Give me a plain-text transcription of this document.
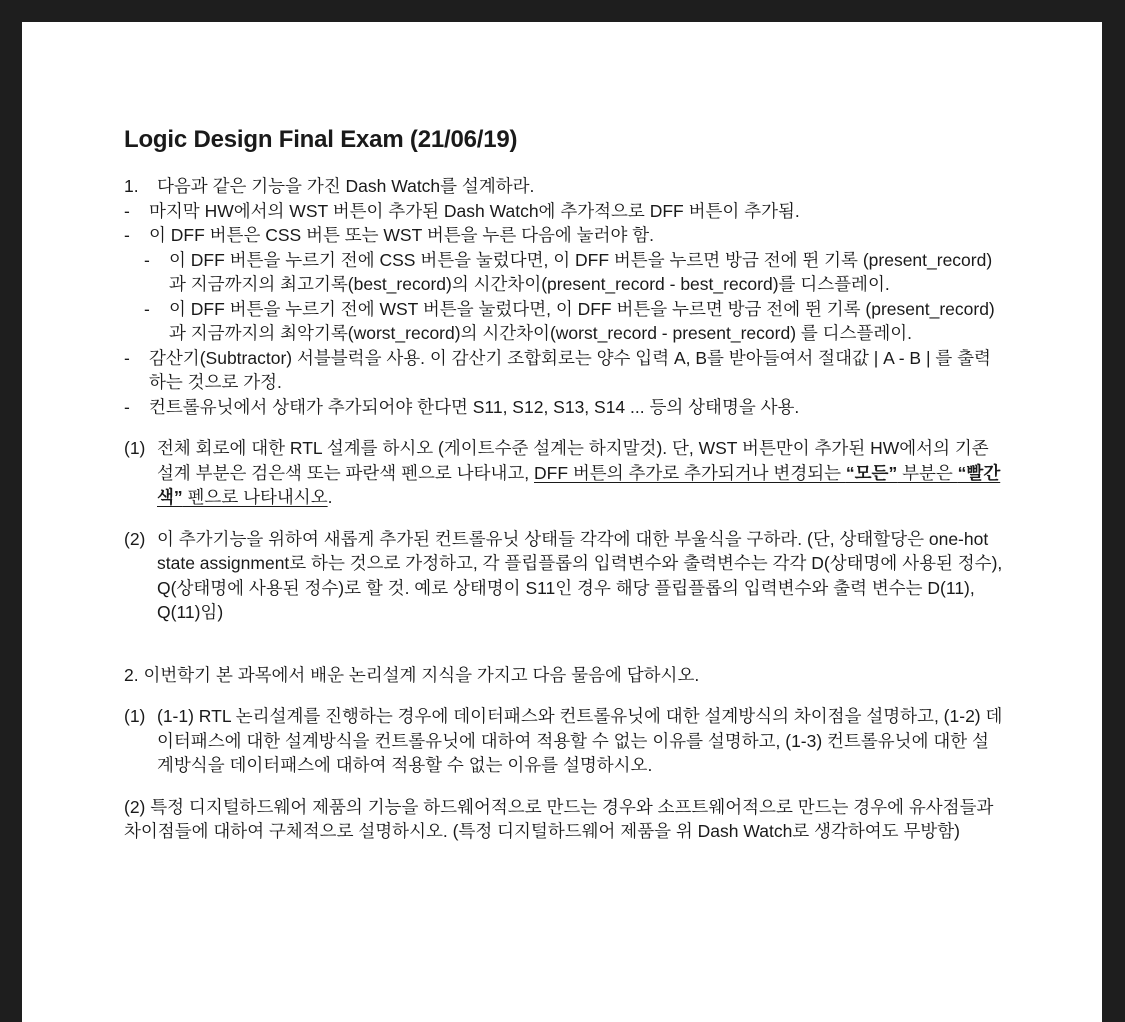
Logic Design Final Exam (21/06/19)
1.	다음과 같은 기능을 가진 Dash Watch를 설계하라.
-	마지막 HW에서의 WST 버튼이 추가된 Dash Watch에 추가적으로 DFF 버튼이 추가됨.
-	이 DFF 버튼은 CSS 버튼 또는 WST 버튼을 누른 다음에 눌러야 함.
-	이 DFF 버튼을 누르기 전에 CSS 버튼을 눌렀다면, 이 DFF 버튼을 누르면 방금 전에 뛴 기록 (present_record)과 지금까지의 최고기록(best_record)의 시간차이(present_record - best_record)를 디스플레이.
-	이 DFF 버튼을 누르기 전에 WST 버튼을 눌렀다면, 이 DFF 버튼을 누르면 방금 전에 뛴 기록 (present_record)과 지금까지의 최악기록(worst_record)의 시간차이(worst_record - present_record) 를 디스플레이.
-	감산기(Subtractor) 서블블럭을 사용. 이 감산기 조합회로는 양수 입력 A, B를 받아들여서 절대값 | A - B | 를 출력하는 것으로 가정.
-	컨트롤유닛에서 상태가 추가되어야 한다면 S11, S12, S13, S14 ... 등의 상태명을 사용.
(1) 전체 회로에 대한 RTL 설계를 하시오 (게이트수준 설계는 하지말것). 단, WST 버튼만이 추가된 HW에서의 기존설계 부분은 검은색 또는 파란색 펜으로 나타내고, DFF 버튼의 추가로 추가되거나 변경되는 “모든” 부분은 “빨간색” 펜으로 나타내시오.
(2) 이 추가기능을 위하여 새롭게 추가된 컨트롤유닛 상태들 각각에 대한 부울식을 구하라. (단, 상태할당은 one-hot state assignment로 하는 것으로 가정하고, 각 플립플롭의 입력변수와 출력변수는 각각 D(상태명에 사용된 정수), Q(상태명에 사용된 정수)로 할 것. 예로 상태명이 S11인 경우 해당 플립플롭의 입력변수와 출력 변수는 D(11), Q(11)임)
2. 이번학기 본 과목에서 배운 논리설계 지식을 가지고 다음 물음에 답하시오.
(1) (1-1) RTL 논리설계를 진행하는 경우에 데이터패스와 컨트롤유닛에 대한 설계방식의 차이점을 설명하고, (1-2) 데이터패스에 대한 설계방식을 컨트롤유닛에 대하여 적용할 수 없는 이유를 설명하고, (1-3) 컨트롤유닛에 대한 설계방식을 데이터패스에 대하여 적용할 수 없는 이유를 설명하시오.
(2) 특정 디지털하드웨어 제품의 기능을 하드웨어적으로 만드는 경우와 소프트웨어적으로 만드는 경우에 유사점들과 차이점들에 대하여 구체적으로 설명하시오. (특정 디지털하드웨어 제품을 위 Dash Watch로 생각하여도 무방함)
